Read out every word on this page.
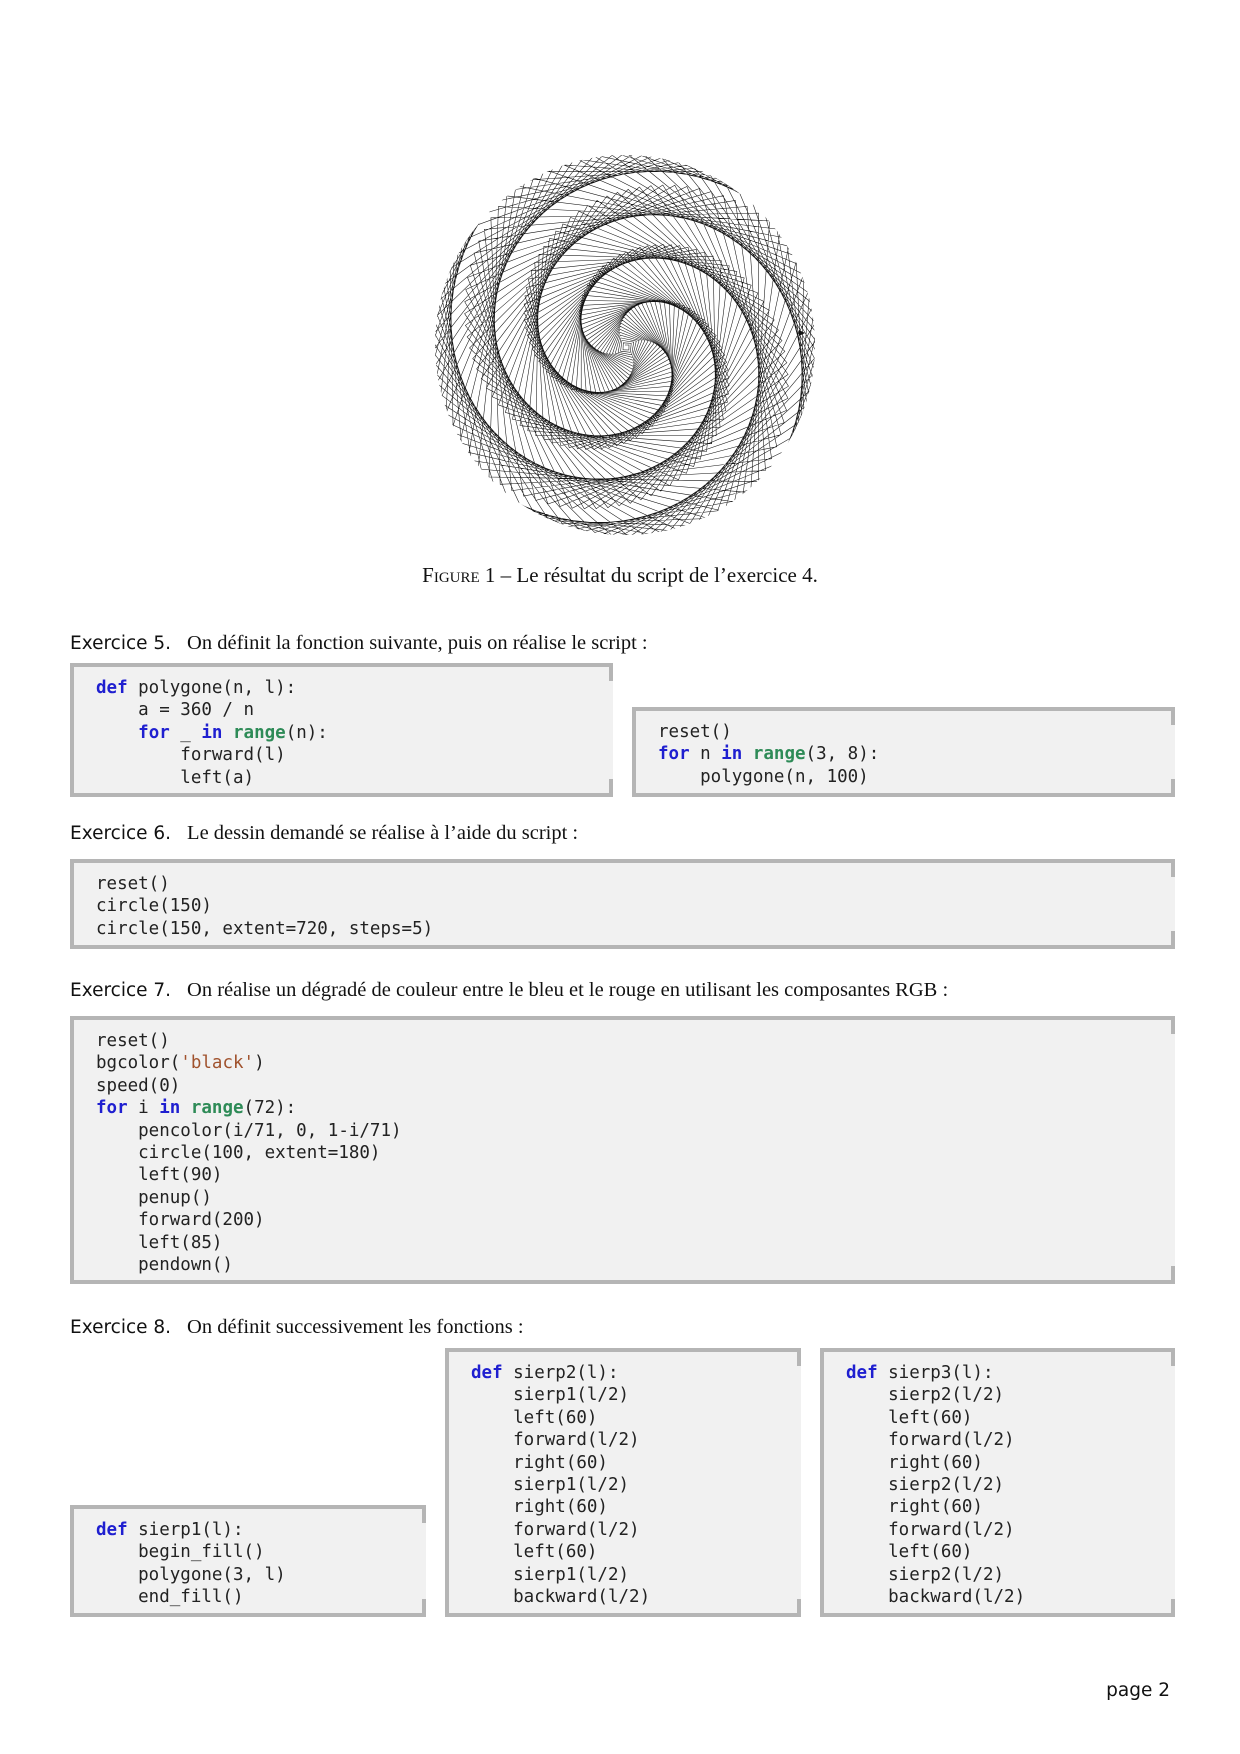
Figure 1 – Le résultat du script de l’exercice 4.
Exercice 5. On définit la fonction suivante, puis on réalise le script :
def polygone(n, l):
a = 360 / n
for _ in range(n):
forward(l)
left(a)
reset()
for n in range(3, 8):
polygone(n, 100)
Exercice 6. Le dessin demandé se réalise à l’aide du script :
reset()
circle(150)
circle(150, extent=720, steps=5)
Exercice 7. On réalise un dégradé de couleur entre le bleu et le rouge en utilisant les composantes RGB :
reset()
bgcolor('black')
speed(0)
for i in range(72):
pencolor(i/71, 0, 1-i/71)
circle(100, extent=180)
left(90)
penup()
forward(200)
left(85)
pendown()
Exercice 8. On définit successivement les fonctions :
def sierp1(l):
begin_fill()
polygone(3, l)
end_fill()
def sierp2(l):
sierp1(l/2)
left(60)
forward(l/2)
right(60)
sierp1(l/2)
right(60)
forward(l/2)
left(60)
sierp1(l/2)
backward(l/2)
def sierp3(l):
sierp2(l/2)
left(60)
forward(l/2)
right(60)
sierp2(l/2)
right(60)
forward(l/2)
left(60)
sierp2(l/2)
backward(l/2)
page 2
